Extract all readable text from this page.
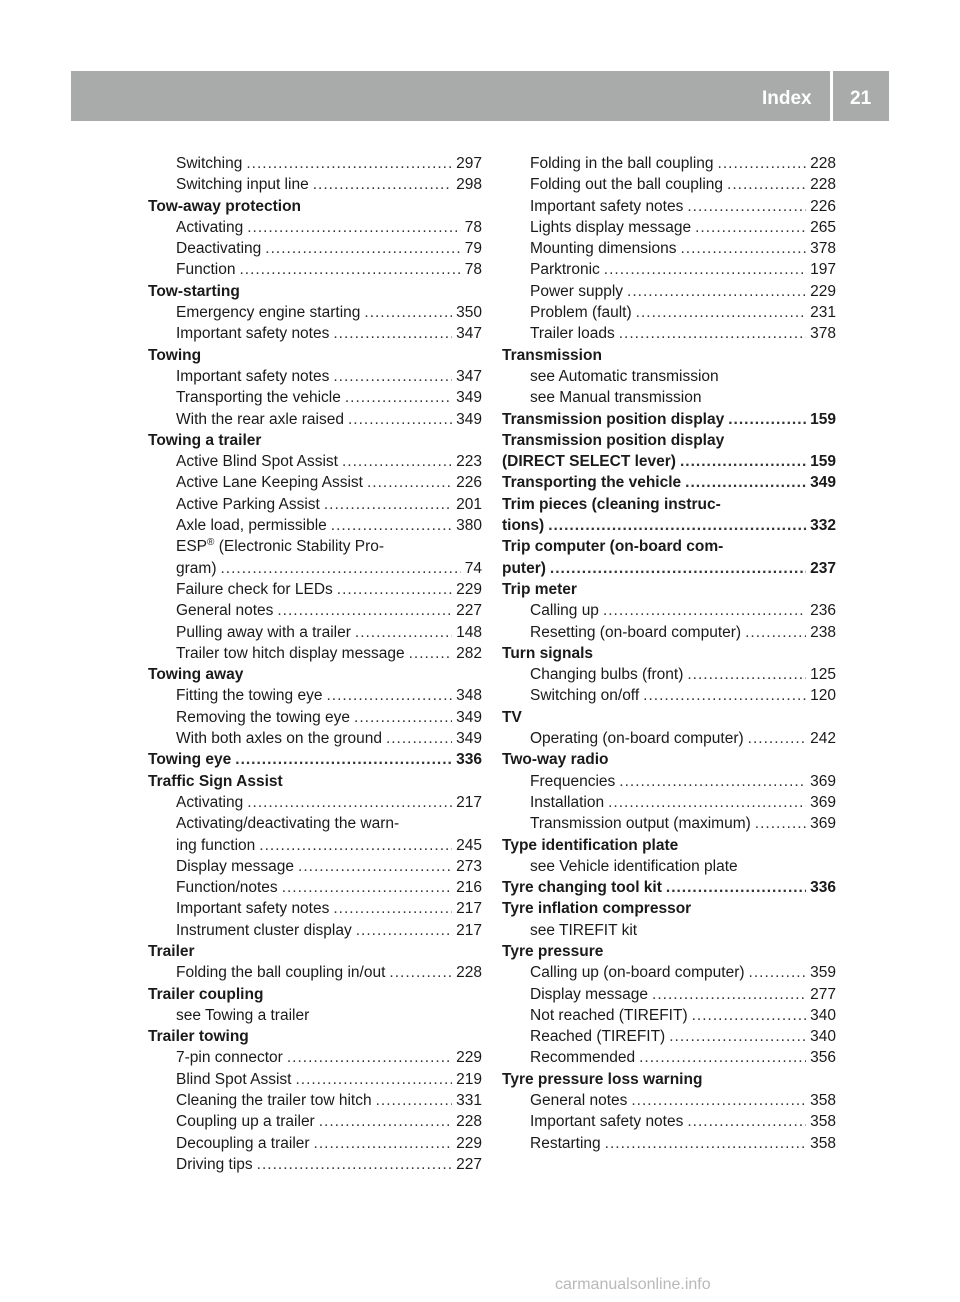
Index 21
Switching .....	297
Switching input line .....	298
Tow-away protection
Activating .....	78
Deactivating .....	79
Function .....	78
Tow-starting
Emergency engine starting .....	350
Important safety notes .....	347
Towing
Important safety notes .....	347
Transporting the vehicle .....	349
With the rear axle raised .....	349
Towing a trailer
Active Blind Spot Assist .....	223
Active Lane Keeping Assist .....	226
Active Parking Assist .....	201
Axle load, permissible .....	380
ESP® (Electronic Stability Pro-
gram) .....	74
Failure check for LEDs .....	229
General notes .....	227
Pulling away with a trailer .....	148
Trailer tow hitch display message .....	282
Towing away
Fitting the towing eye .....	348
Removing the towing eye .....	349
With both axles on the ground .....	349
Towing eye .....	336
Traffic Sign Assist
Activating .....	217
Activating/deactivating the warn-
ing function .....	245
Display message .....	273
Function/notes .....	216
Important safety notes .....	217
Instrument cluster display .....	217
Trailer
Folding the ball coupling in/out .....	228
Trailer coupling
see Towing a trailer
Trailer towing
7-pin connector .....	229
Blind Spot Assist .....	219
Cleaning the trailer tow hitch .....	331
Coupling up a trailer .....	228
Decoupling a trailer .....	229
Driving tips .....	227
Folding in the ball coupling .....	228
Folding out the ball coupling .....	228
Important safety notes .....	226
Lights display message .....	265
Mounting dimensions .....	378
Parktronic .....	197
Power supply .....	229
Problem (fault) .....	231
Trailer loads .....	378
Transmission
see Automatic transmission
see Manual transmission
Transmission position display .....	159
Transmission position display
(DIRECT SELECT lever) .....	159
Transporting the vehicle .....	349
Trim pieces (cleaning instruc-
tions) .....	332
Trip computer (on-board com-
puter) .....	237
Trip meter
Calling up .....	236
Resetting (on-board computer) .....	238
Turn signals
Changing bulbs (front) .....	125
Switching on/off .....	120
TV
Operating (on-board computer) .....	242
Two-way radio
Frequencies .....	369
Installation .....	369
Transmission output (maximum) .....	369
Type identification plate
see Vehicle identification plate
Tyre changing tool kit .....	336
Tyre inflation compressor
see TIREFIT kit
Tyre pressure
Calling up (on-board computer) .....	359
Display message .....	277
Not reached (TIREFIT) .....	340
Reached (TIREFIT) .....	340
Recommended .....	356
Tyre pressure loss warning
General notes .....	358
Important safety notes .....	358
Restarting .....	358
carmanualsonline.info
